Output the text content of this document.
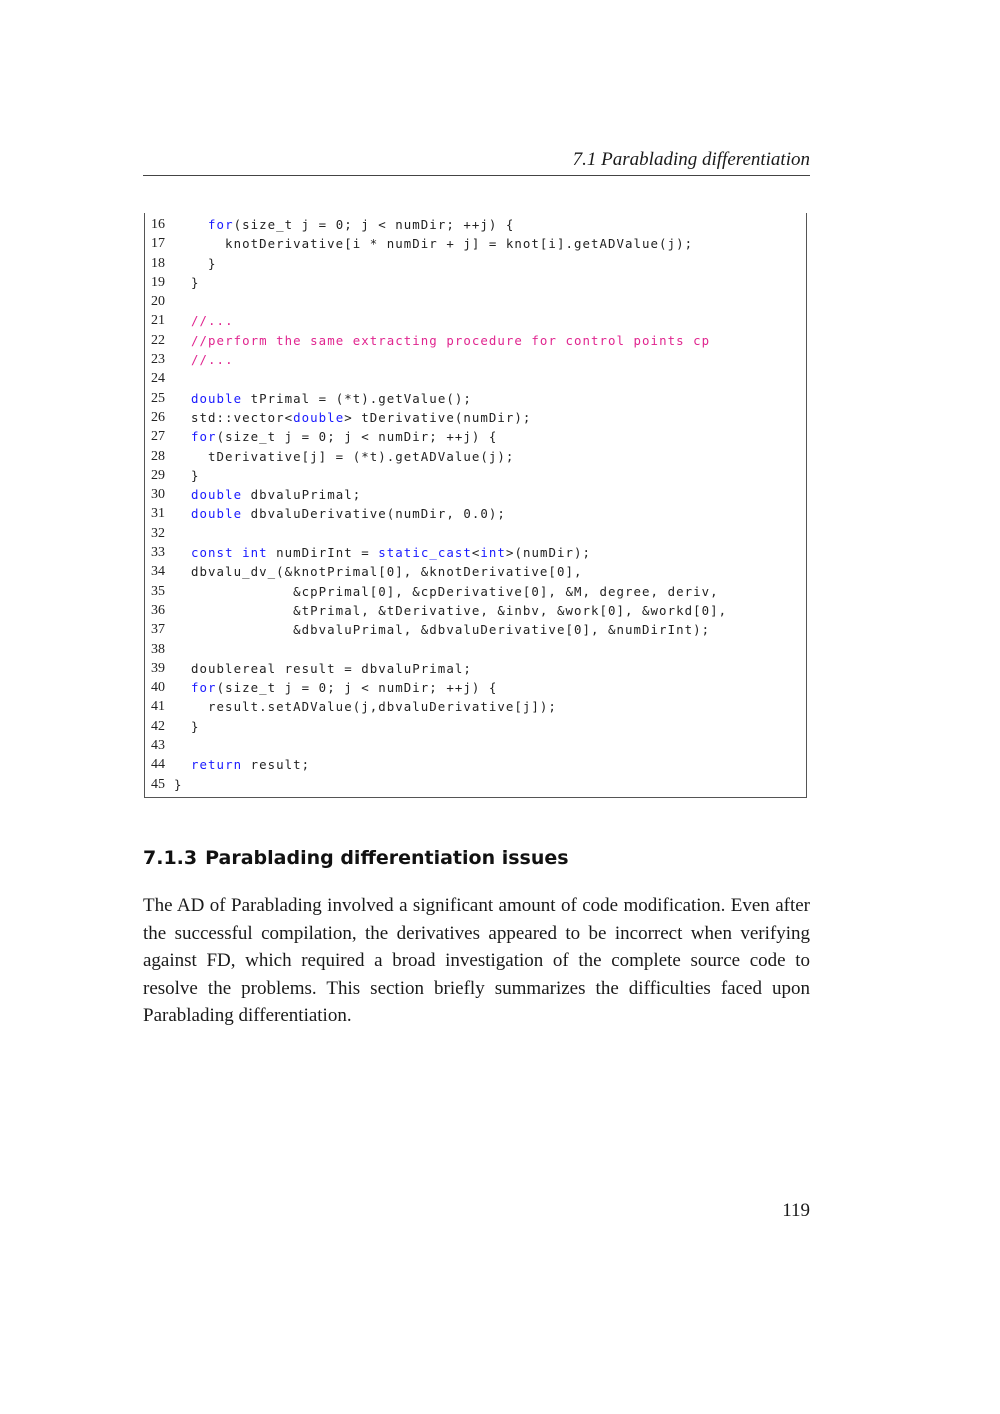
7.1 Parablading differentiation
16	for(size_t j = 0; j < numDir; ++j) {
17 knotDerivative[i * numDir + j] = knot[i].getADValue(j);
18 }
19 }
20
21	//...
22	//perform the same extracting procedure for control points cp
23	//...
24
25	double tPrimal = (*t).getValue();
26 std::vector<double> tDerivative(numDir);
27	for(size_t j = 0; j < numDir; ++j) {
28 tDerivative[j] = (*t).getADValue(j);
29 }
30	double dbvaluPrimal;
31	double dbvaluDerivative(numDir, 0.0);
32
33	const int numDirInt = static_cast<int>(numDir);
34 dbvalu_dv_(&knotPrimal[0], &knotDerivative[0],
35 &cpPrimal[0], &cpDerivative[0], &M, degree, deriv,
36 &tPrimal, &tDerivative, &inbv, &work[0], &workd[0],
37 &dbvaluPrimal, &dbvaluDerivative[0], &numDirInt);
38
39 doublereal result = dbvaluPrimal;
40	for(size_t j = 0; j < numDir; ++j) {
41 result.setADValue(j,dbvaluDerivative[j]);
42 }
43
44	return result;
45 }
7.1.3 Parablading differentiation issues

The AD of Parablading involved a significant amount of code modification. Even after the successful compilation, the derivatives appeared to be incorrect when verifying against FD, which required a broad investigation of the complete source code to resolve the problems. This section briefly summarizes the difficulties faced upon Parablading differentiation.

119
